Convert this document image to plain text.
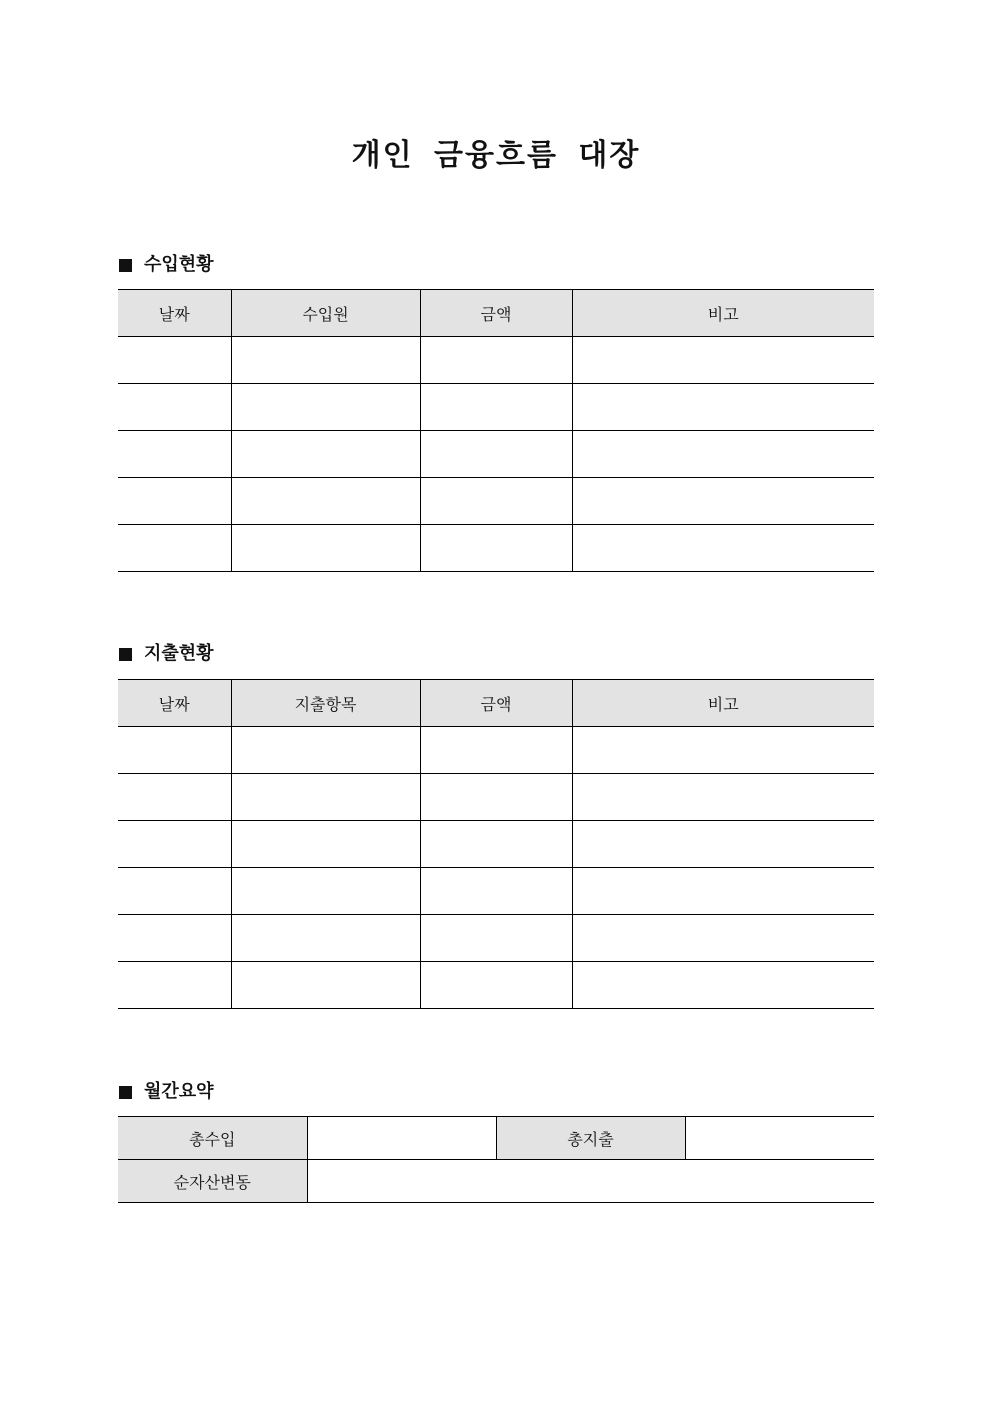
개인 금융흐름 대장
수입현황
날짜	수입원	금액	비고

지출현황
날짜	지출항목	금액	비고

월간요약
총수입		총지출	
순자산변동			
